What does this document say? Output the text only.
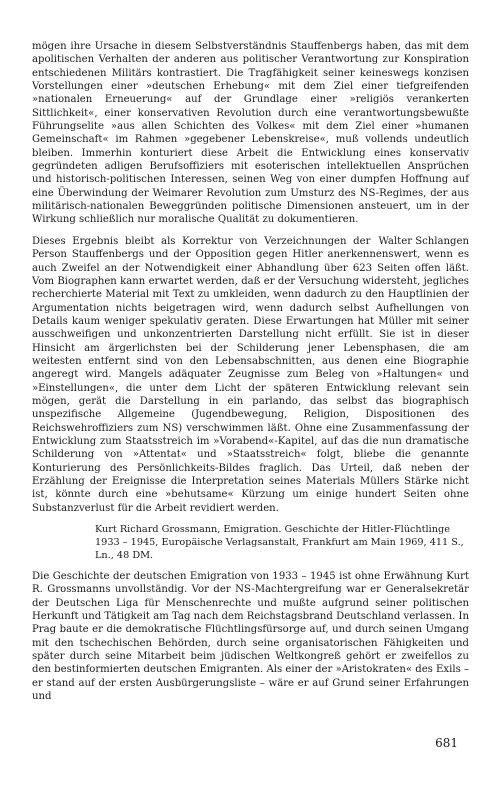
mögen ihre Ursache in diesem Selbstverständnis Stauffenbergs haben, das mit dem apolitischen Verhalten der anderen aus politischer Verantwortung zur Konspiration entschiedenen Militärs kontrastiert. Die Tragfähigkeit seiner keineswegs konzisen Vorstellungen einer »deutschen Erhebung« mit dem Ziel einer tiefgreifenden »nationalen Erneuerung« auf der Grundlage einer »religiös verankerten Sittlichkeit«, einer konservativen Revolution durch eine verantwortungsbewußte Führungselite »aus allen Schichten des Volkes« mit dem Ziel einer »humanen Gemeinschaft« im Rahmen »gegebener Lebenskreise«, muß vollends undeutlich bleiben. Immerhin konturiert diese Arbeit die Entwicklung eines konservativ gegründeten adligen Berufsoffiziers mit esoterischen intellektuellen Ansprüchen und historisch-politischen Interessen, seinen Weg von einer dumpfen Hoffnung auf eine Überwindung der Weimarer Revolution zum Umsturz des NS-Regimes, der aus militärisch-nationalen Beweggründen politische Dimensionen ansteuert, um in der Wirkung schließlich nur moralische Qualität zu dokumentieren.

Walter Schlangen
Dieses Ergebnis bleibt als Korrektur von Verzeichnungen der Person Stauffenbergs und der Opposition gegen Hitler anerkennenswert, wenn es auch Zweifel an der Notwendigkeit einer Abhandlung über 623 Seiten offen läßt. Vom Biographen kann erwartet werden, daß er der Versuchung widersteht, jegliches recherchierte Material mit Text zu umkleiden, wenn dadurch zu den Hauptlinien der Argumentation nichts beigetragen wird, wenn dadurch selbst Aufhellungen von Details kaum weniger spekulativ geraten. Diese Erwartungen hat Müller mit seiner ausschweifigen und unkonzentrierten Darstellung nicht erfüllt. Sie ist in dieser Hinsicht am ärgerlichsten bei der Schilderung jener Lebensphasen, die am weitesten entfernt sind von den Lebensabschnitten, aus denen eine Biographie angeregt wird. Mangels adäquater Zeugnisse zum Beleg von »Haltungen« und »Einstellungen«, die unter dem Licht der späteren Entwicklung relevant sein mögen, gerät die Darstellung in ein parlando, das selbst das biographisch unspezifische Allgemeine (Jugendbewegung, Religion, Dispositionen des Reichswehroffiziers zum NS) verschwimmen läßt. Ohne eine Zusammenfassung der Entwicklung zum Staatsstreich im »Vorabend«-Kapitel, auf das die nun dramatische Schilderung von »Attentat« und »Staatsstreich« folgt, bliebe die genannte Konturierung des Persönlichkeits-Bildes fraglich. Das Urteil, daß neben der Erzählung der Ereignisse die Interpretation seines Materials Müllers Stärke nicht ist, könnte durch eine »behutsame« Kürzung um einige hundert Seiten ohne Substanzverlust für die Arbeit revidiert werden.

Kurt Richard Grossmann, Emigration. Geschichte der Hitler-Flüchtlinge 1933 – 1945, Europäische Verlagsanstalt, Frankfurt am Main 1969, 411 S., Ln., 48 DM.

Die Geschichte der deutschen Emigration von 1933 – 1945 ist ohne Erwähnung Kurt R. Grossmanns unvollständig. Vor der NS-Machtergreifung war er Generalsekretär der Deutschen Liga für Menschenrechte und mußte aufgrund seiner politischen Herkunft und Tätigkeit am Tag nach dem Reichstagsbrand Deutschland verlassen. In Prag baute er die demokratische Flüchtlingsfürsorge auf, und durch seinen Umgang mit den tschechischen Behörden, durch seine organisatorischen Fähigkeiten und später durch seine Mitarbeit beim jüdischen Weltkongreß gehört er zweifellos zu den bestinformierten deutschen Emigranten. Als einer der »Aristokraten« des Exils – er stand auf der ersten Ausbürgerungsliste – wäre er auf Grund seiner Erfahrungen und

681
